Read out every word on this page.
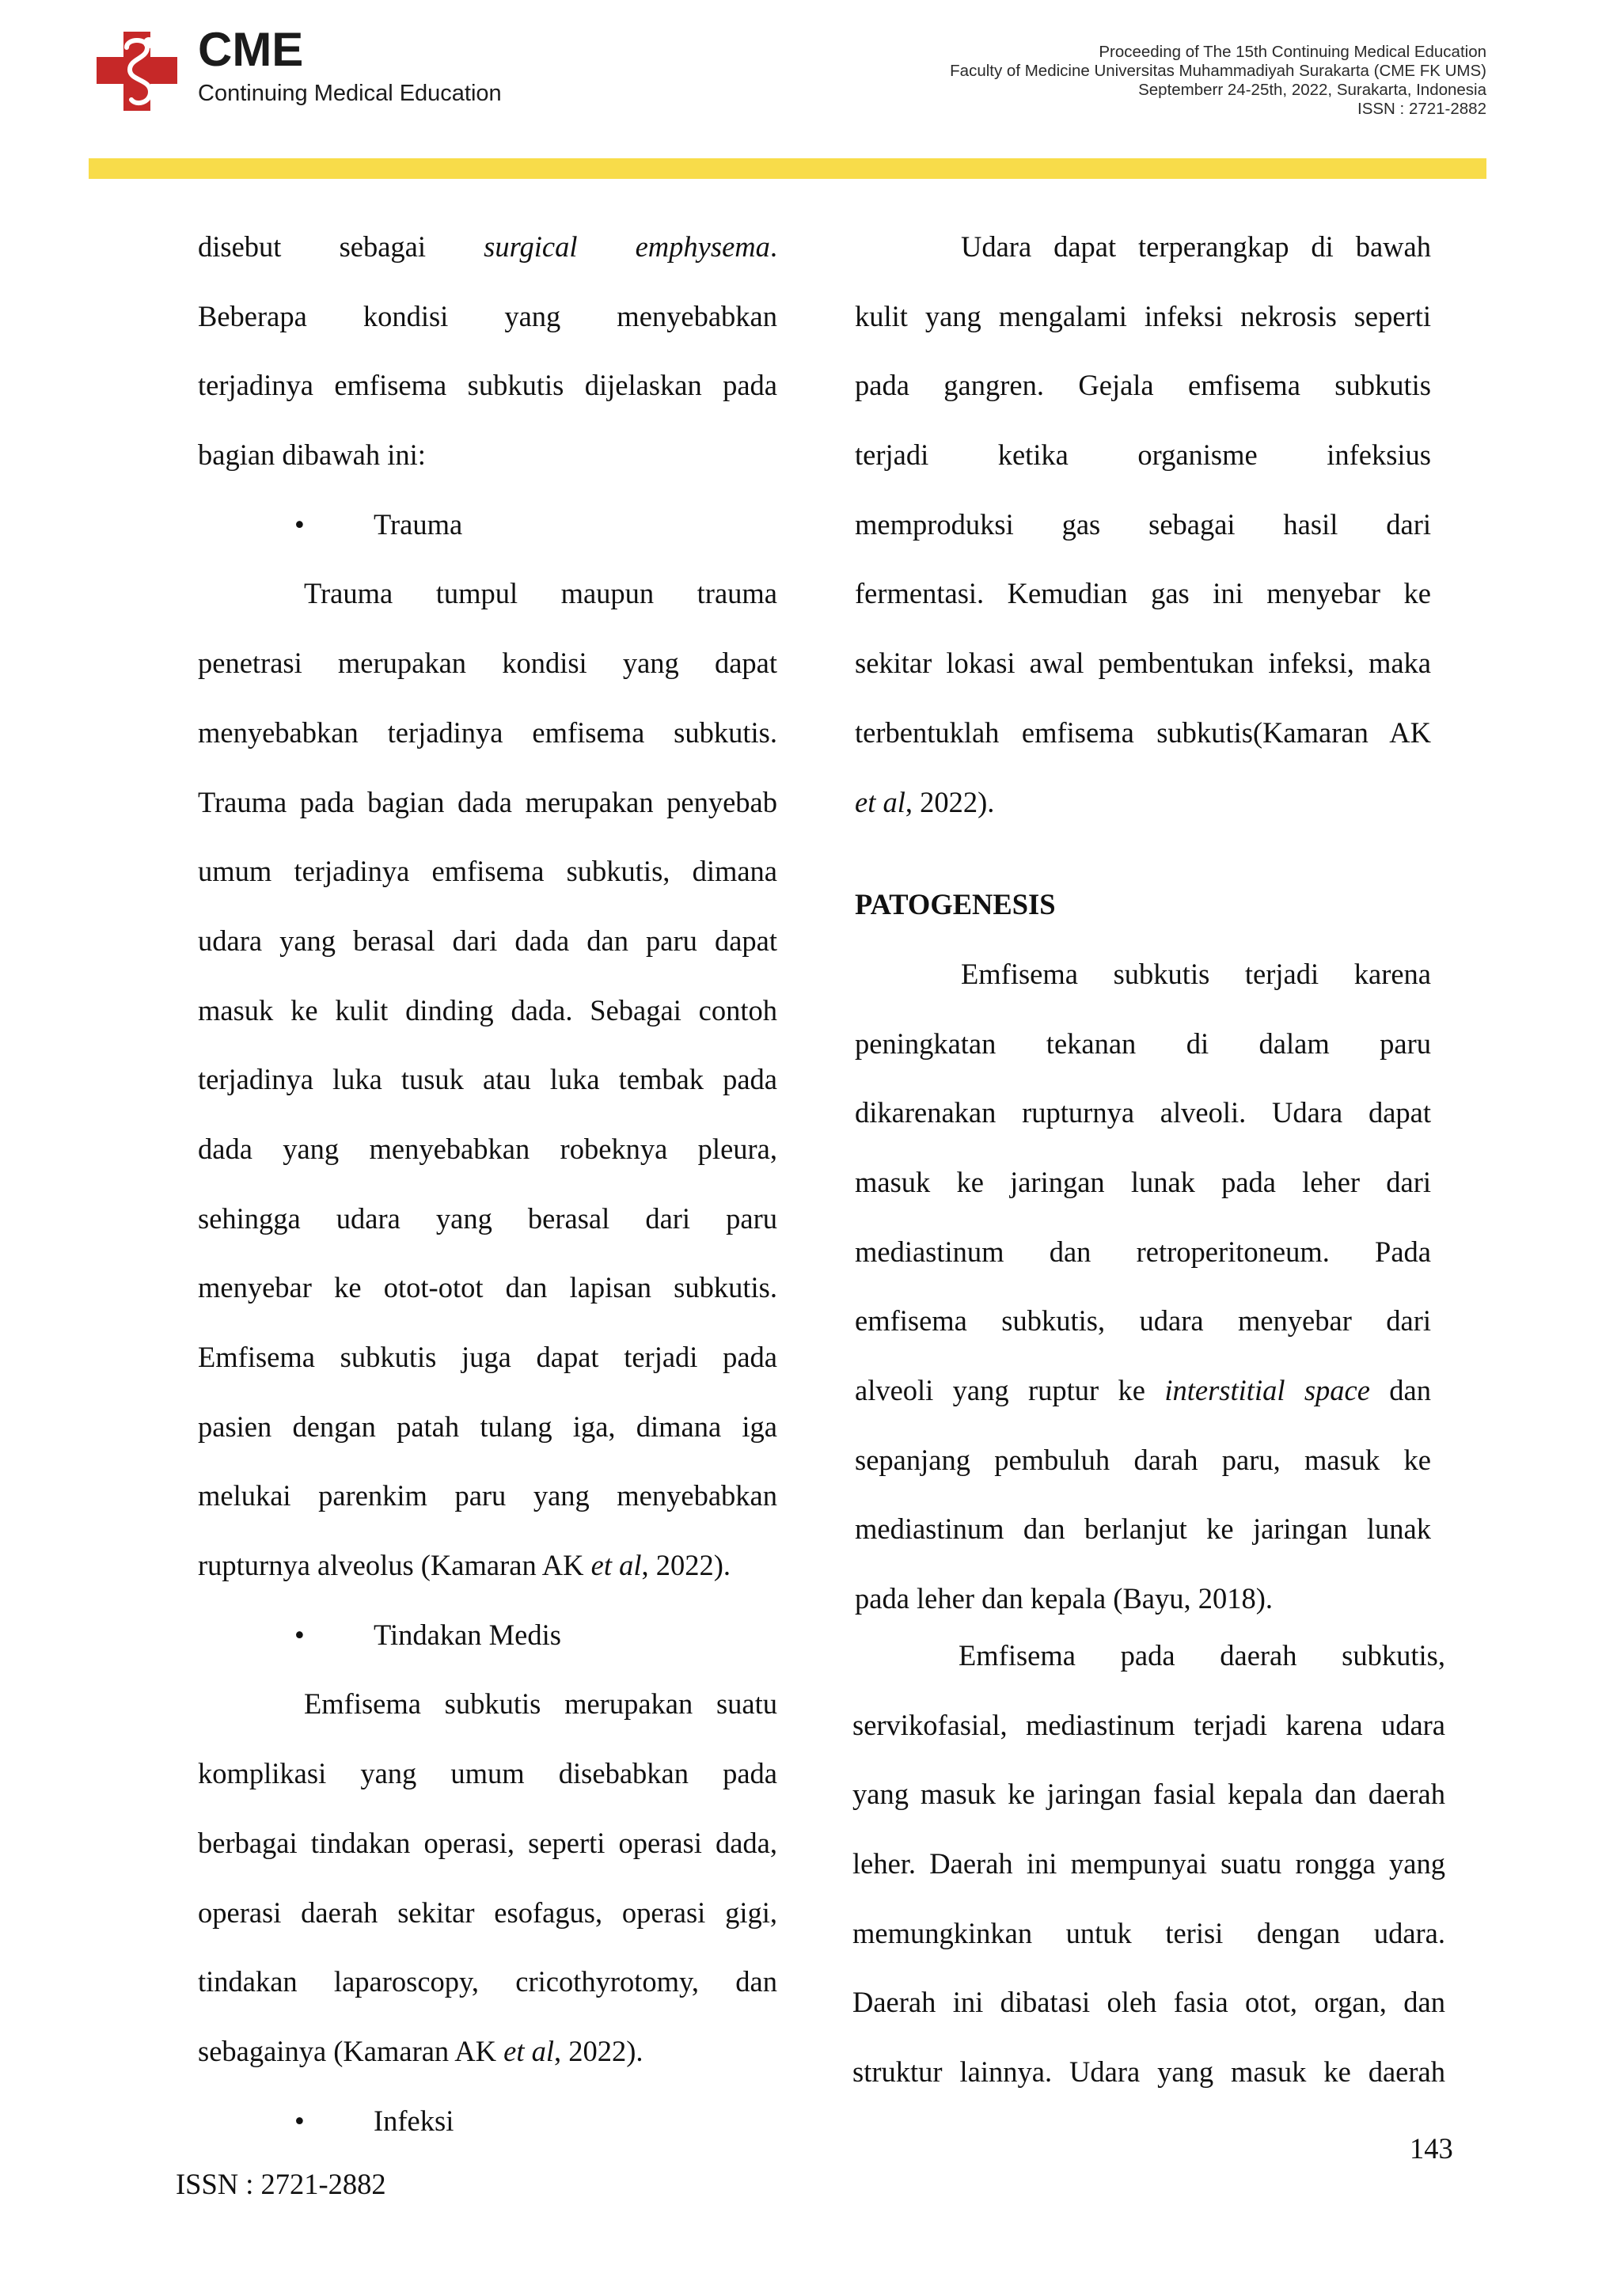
CME
Continuing Medical Education
Proceeding of The 15th Continuing Medical Education
Faculty of Medicine Universitas Muhammadiyah Surakarta (CME FK UMS)
Septemberr 24-25th, 2022, Surakarta, Indonesia
ISSN : 2721-2882
disebut sebagai surgical emphysema.
Beberapa kondisi yang menyebabkan
terjadinya emfisema subkutis dijelaskan pada
bagian dibawah ini:
• Trauma
Trauma tumpul maupun trauma
penetrasi merupakan kondisi yang dapat
menyebabkan terjadinya emfisema subkutis.
Trauma pada bagian dada merupakan penyebab
umum terjadinya emfisema subkutis, dimana
udara yang berasal dari dada dan paru dapat
masuk ke kulit dinding dada. Sebagai contoh
terjadinya luka tusuk atau luka tembak pada
dada yang menyebabkan robeknya pleura,
sehingga udara yang berasal dari paru
menyebar ke otot-otot dan lapisan subkutis.
Emfisema subkutis juga dapat terjadi pada
pasien dengan patah tulang iga, dimana iga
melukai parenkim paru yang menyebabkan
rupturnya alveolus (Kamaran AK et al, 2022).
• Tindakan Medis
Emfisema subkutis merupakan suatu
komplikasi yang umum disebabkan pada
berbagai tindakan operasi, seperti operasi dada,
operasi daerah sekitar esofagus, operasi gigi,
tindakan laparoscopy, cricothyrotomy, dan
sebagainya (Kamaran AK et al, 2022).
• Infeksi
Udara dapat terperangkap di bawah
kulit yang mengalami infeksi nekrosis seperti
pada gangren. Gejala emfisema subkutis
terjadi ketika organisme infeksius
memproduksi gas sebagai hasil dari
fermentasi. Kemudian gas ini menyebar ke
sekitar lokasi awal pembentukan infeksi, maka
terbentuklah emfisema subkutis(Kamaran AK
et al, 2022).
PATOGENESIS
Emfisema subkutis terjadi karena
peningkatan tekanan di dalam paru
dikarenakan rupturnya alveoli. Udara dapat
masuk ke jaringan lunak pada leher dari
mediastinum dan retroperitoneum. Pada
emfisema subkutis, udara menyebar dari
alveoli yang ruptur ke interstitial space dan
sepanjang pembuluh darah paru, masuk ke
mediastinum dan berlanjut ke jaringan lunak
pada leher dan kepala (Bayu, 2018).
Emfisema pada daerah subkutis,
servikofasial, mediastinum terjadi karena udara
yang masuk ke jaringan fasial kepala dan daerah
leher. Daerah ini mempunyai suatu rongga yang
memungkinkan untuk terisi dengan udara.
Daerah ini dibatasi oleh fasia otot, organ, dan
struktur lainnya. Udara yang masuk ke daerah
143
ISSN : 2721-2882
